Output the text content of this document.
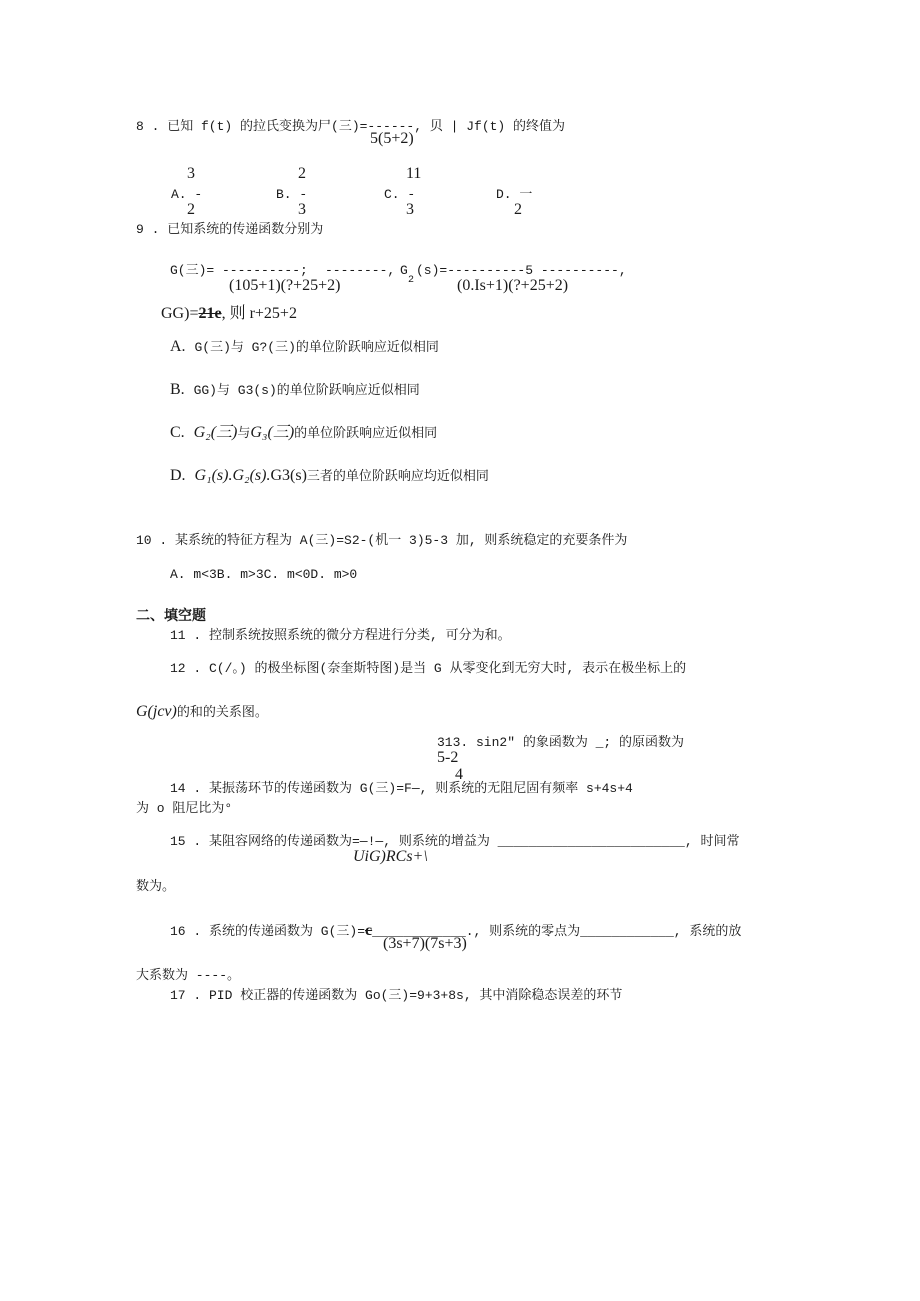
8 . 已知 f(t) 的拉氏变换为尸(三)=------, 贝 | Jf(t) 的终值为
5(5+2)
3
A. -
2
2
B. -
3
11
C. -
3
D. 一
2
9 . 已知系统的传递函数分别为
G(三)= ----------; --------, G
2
(s)=----------5 ----------,
(105+1)(?+25+2)	(0.Is+1)(?+25+2)
GG)=21e, 则 r+25+2
A. G(三)与 G?(三)的单位阶跃响应近似相同
B. GG)与 G3(s)的单位阶跃响应近似相同
C. G₂(三)与G₃(三)的单位阶跃响应近似相同
D. G₁(s).G₂(s).G3(s)三者的单位阶跃响应均近似相同
10 . 某系统的特征方程为 A(三)=S2-(机一 3)5-3 加, 则系统稳定的充要条件为
A. m<3B. m>3C. m<0D. m>0
二、填空题
11 . 控制系统按照系统的微分方程进行分类, 可分为和。
12 . C(/。) 的极坐标图(奈奎斯特图)是当 G 从零变化到无穷大时, 表示在极坐标上的
G(jcv)的和的关系图。
313. sin2" 的象函数为 _; 的原函数为
5-2
4
14 . 某振荡环节的传递函数为 G(三)=F—, 则系统的无阻尼固有频率 s+4s+4
为 o 阻尼比为°
15 . 某阻容网络的传递函数为=—!—, 则系统的增益为 ________________________, 时间常
UiG)RCs+\
数为。
16 . 系统的传递函数为 G(三)=c____________., 则系统的零点为____________, 系统的放
(3s+7)(7s+3)
大系数为 ----。
17 . PID 校正器的传递函数为 Go(三)=9+3+8s, 其中消除稳态误差的环节
